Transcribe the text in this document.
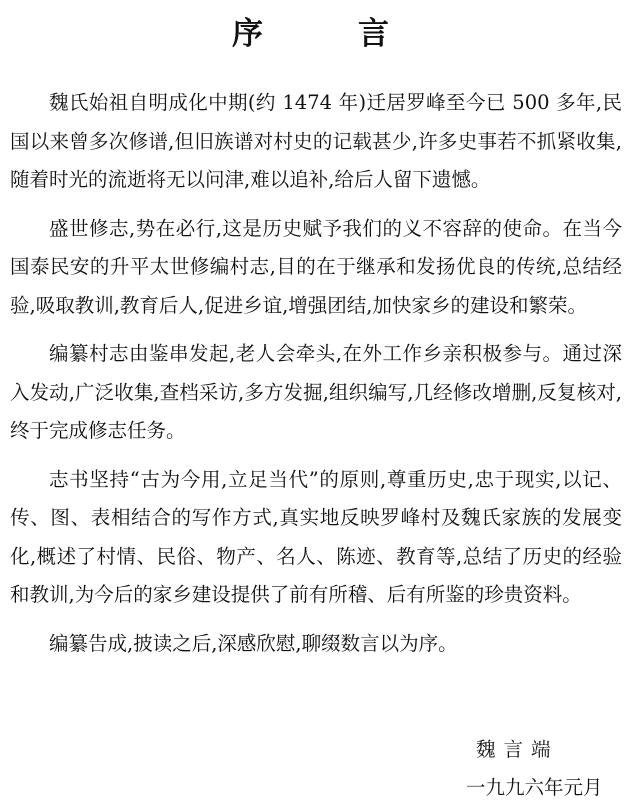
序	言

魏氏始祖自明成化中期(约 1474 年)迁居罗峰至今已 500 多年,民国以来曾多次修谱,但旧族谱对村史的记载甚少,许多史事若不抓紧收集,随着时光的流逝将无以问津,难以追补,给后人留下遗憾。

盛世修志,势在必行,这是历史赋予我们的义不容辞的使命。在当今国泰民安的升平太世修编村志,目的在于继承和发扬优良的传统,总结经验,吸取教训,教育后人,促进乡谊,增强团结,加快家乡的建设和繁荣。

编纂村志由鉴串发起,老人会牵头,在外工作乡亲积极参与。通过深入发动,广泛收集,查档采访,多方发掘,组织编写,几经修改增删,反复核对,终于完成修志任务。

志书坚持“古为今用,立足当代”的原则,尊重历史,忠于现实,以记、传、图、表相结合的写作方式,真实地反映罗峰村及魏氏家族的发展变化,概述了村情、民俗、物产、名人、陈迹、教育等,总结了历史的经验和教训,为今后的家乡建设提供了前有所稽、后有所鉴的珍贵资料。

编纂告成,披读之后,深感欣慰,聊缀数言以为序。

魏言端
一九九六年元月
